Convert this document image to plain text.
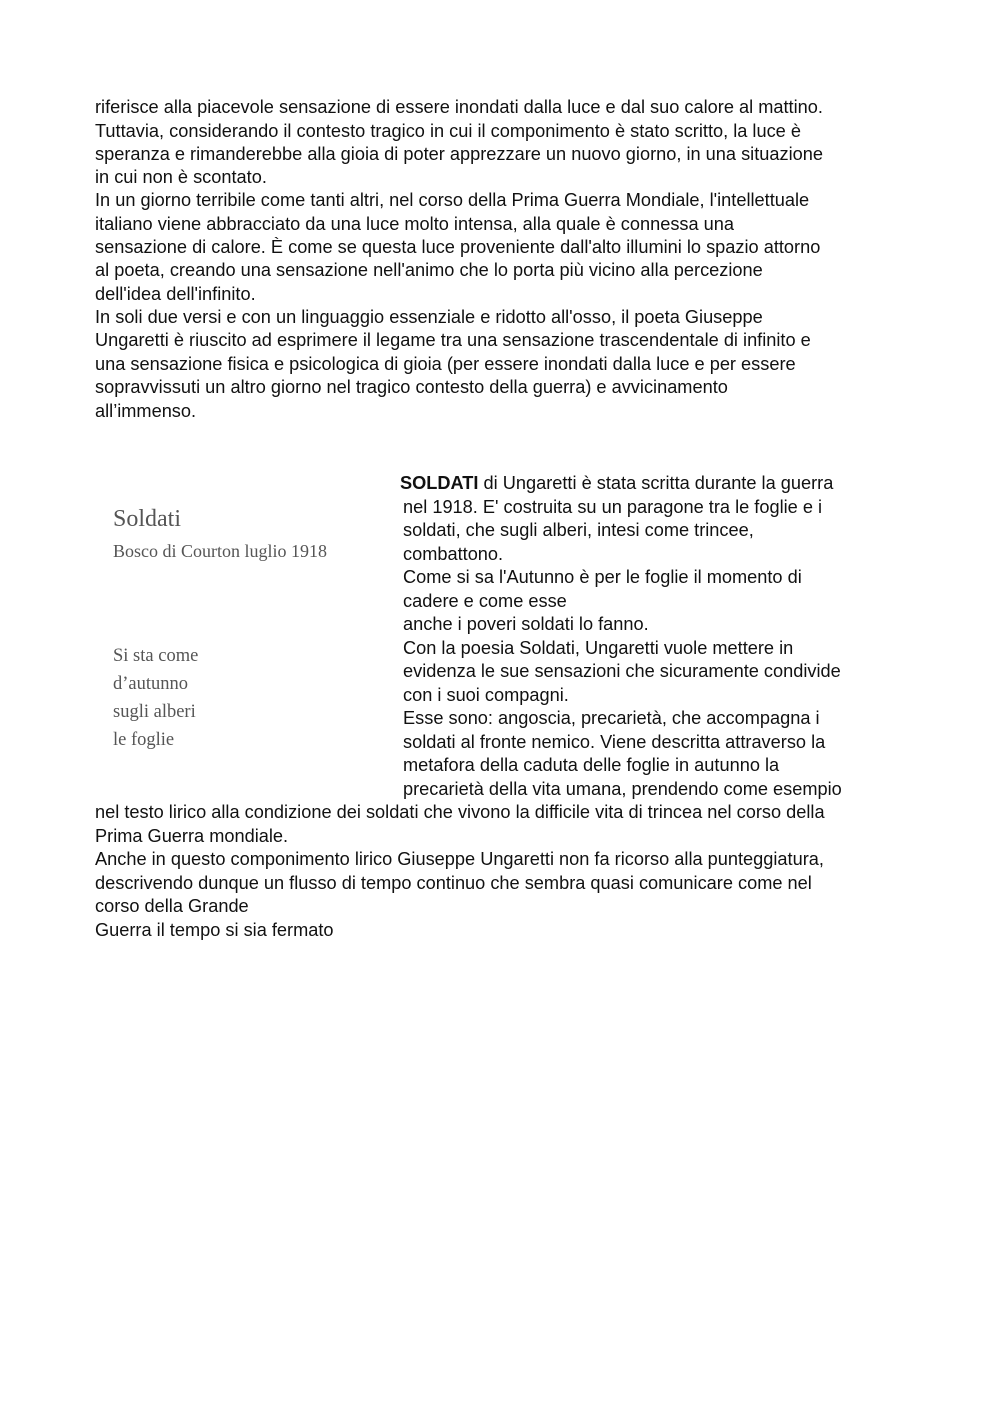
riferisce alla piacevole sensazione di essere inondati dalla luce e dal suo calore al mattino.
Tuttavia, considerando il contesto tragico in cui il componimento è stato scritto, la luce è
speranza e rimanderebbe alla gioia di poter apprezzare un nuovo giorno, in una situazione
in cui non è scontato.
In un giorno terribile come tanti altri, nel corso della Prima Guerra Mondiale, l'intellettuale
italiano viene abbracciato da una luce molto intensa, alla quale è connessa una
sensazione di calore. È come se questa luce proveniente dall'alto illumini lo spazio attorno
al poeta, creando una sensazione nell'animo che lo porta più vicino alla percezione
dell'idea dell'infinito.
In soli due versi e con un linguaggio essenziale e ridotto all'osso, il poeta Giuseppe
Ungaretti è riuscito ad esprimere il legame tra una sensazione trascendentale di infinito e
una sensazione fisica e psicologica di gioia (per essere inondati dalla luce e per essere
sopravvissuti un altro giorno nel tragico contesto della guerra) e avvicinamento
all’immenso.
Soldati
Bosco di Courton luglio 1918
Si sta come
d’autunno
sugli alberi
le foglie
SOLDATI di Ungaretti è stata scritta durante la guerra
nel 1918. E' costruita su un paragone tra le foglie e i
soldati, che sugli alberi, intesi come trincee,
combattono.
Come si sa l'Autunno è per le foglie il momento di
cadere e come esse
anche i poveri soldati lo fanno.
Con la poesia Soldati, Ungaretti vuole mettere in
evidenza le sue sensazioni che sicuramente condivide
con i suoi compagni.
Esse sono: angoscia, precarietà, che accompagna i
soldati al fronte nemico. Viene descritta attraverso la
metafora della caduta delle foglie in autunno la
precarietà della vita umana, prendendo come esempio
nel testo lirico alla condizione dei soldati che vivono la difficile vita di trincea nel corso della
Prima Guerra mondiale.
Anche in questo componimento lirico Giuseppe Ungaretti non fa ricorso alla punteggiatura,
descrivendo dunque un flusso di tempo continuo che sembra quasi comunicare come nel
corso della Grande
Guerra il tempo si sia fermato
